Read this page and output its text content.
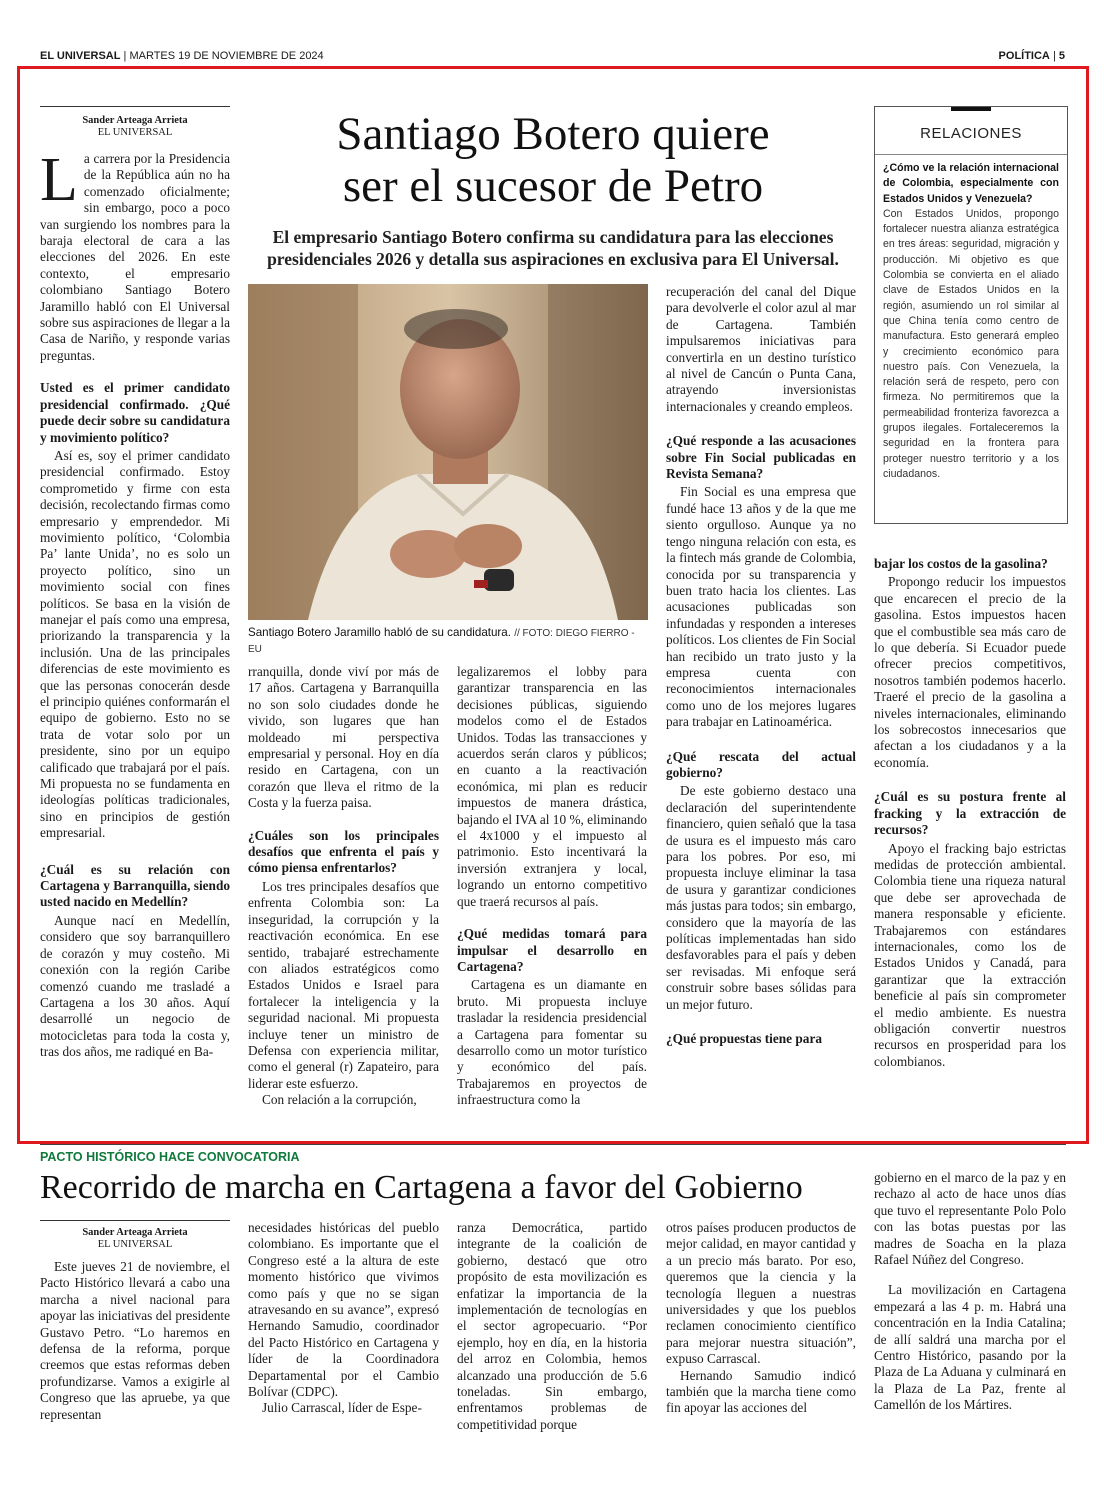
EL UNIVERSAL | MARTES 19 DE NOVIEMBRE DE 2024	POLÍTICA | 5
Sander Arteaga Arrieta
EL UNIVERSAL

La carrera por la Presidencia de la República aún no ha comenzado oficialmente; sin embargo, poco a poco van surgiendo los nombres para la baraja electoral de cara a las elecciones del 2026. En este contexto, el empresario colombiano Santiago Botero Jaramillo habló con El Universal sobre sus aspiraciones de llegar a la Casa de Nariño, y responde varias preguntas.

Usted es el primer candidato presidencial confirmado. ¿Qué puede decir sobre su candidatura y movimiento político?

Así es, soy el primer candidato presidencial confirmado. Estoy comprometido y firme con esta decisión, recolectando firmas como empresario y emprendedor. Mi movimiento político, ‘Colombia Pa’ lante Unida’, no es solo un proyecto político, sino un movimiento social con fines políticos. Se basa en la visión de manejar el país como una empresa, priorizando la transparencia y la inclusión. Una de las principales diferencias de este movimiento es que las personas conocerán desde el principio quiénes conformarán el equipo de gobierno. Esto no se trata de votar solo por un presidente, sino por un equipo calificado que trabajará por el país. Mi propuesta no se fundamenta en ideologías políticas tradicionales, sino en principios de gestión empresarial.

¿Cuál es su relación con Cartagena y Barranquilla, siendo usted nacido en Medellín?

Aunque nací en Medellín, considero que soy barranquillero de corazón y muy costeño. Mi conexión con la región Caribe comenzó cuando me trasladé a Cartagena a los 30 años. Aquí desarrollé un negocio de motocicletas para toda la costa y, tras dos años, me radiqué en Ba-

Santiago Botero quiere
ser el sucesor de Petro
El empresario Santiago Botero confirma su candidatura para las elecciones presidenciales 2026 y detalla sus aspiraciones en exclusiva para El Universal.
Santiago Botero Jaramillo habló de su candidatura. // FOTO: DIEGO FIERRO - EU

rranquilla, donde viví por más de 17 años. Cartagena y Barranquilla no son solo ciudades donde he vivido, son lugares que han moldeado mi perspectiva empresarial y personal. Hoy en día resido en Cartagena, con un corazón que lleva el ritmo de la Costa y la fuerza paisa.

¿Cuáles son los principales desafíos que enfrenta el país y cómo piensa enfrentarlos?

Los tres principales desafíos que enfrenta Colombia son: La inseguridad, la corrupción y la reactivación económica. En ese sentido, trabajaré estrechamente con aliados estratégicos como Estados Unidos e Israel para fortalecer la inteligencia y la seguridad nacional. Mi propuesta incluye tener un ministro de Defensa con experiencia militar, como el general (r) Zapateiro, para liderar este esfuerzo.

Con relación a la corrupción,

legalizaremos el lobby para garantizar transparencia en las decisiones públicas, siguiendo modelos como el de Estados Unidos. Todas las transacciones y acuerdos serán claros y públicos; en cuanto a la reactivación económica, mi plan es reducir impuestos de manera drástica, bajando el IVA al 10 %, eliminando el 4x1000 y el impuesto al patrimonio. Esto incentivará la inversión extranjera y local, logrando un entorno competitivo que traerá recursos al país.

¿Qué medidas tomará para impulsar el desarrollo en Cartagena?

Cartagena es un diamante en bruto. Mi propuesta incluye trasladar la residencia presidencial a Cartagena para fomentar su desarrollo como un motor turístico y económico del país. Trabajaremos en proyectos de infraestructura como la

recuperación del canal del Dique para devolverle el color azul al mar de Cartagena. También impulsaremos iniciativas para convertirla en un destino turístico al nivel de Cancún o Punta Cana, atrayendo inversionistas internacionales y creando empleos.

¿Qué responde a las acusaciones sobre Fin Social publicadas en Revista Semana?

Fin Social es una empresa que fundé hace 13 años y de la que me siento orgulloso. Aunque ya no tengo ninguna relación con esta, es la fintech más grande de Colombia, conocida por su transparencia y buen trato hacia los clientes. Las acusaciones publicadas son infundadas y responden a intereses políticos. Los clientes de Fin Social han recibido un trato justo y la empresa cuenta con reconocimientos internacionales como uno de los mejores lugares para trabajar en Latinoamérica.

¿Qué rescata del actual gobierno?

De este gobierno destaco una declaración del superintendente financiero, quien señaló que la tasa de usura es el impuesto más caro para los pobres. Por eso, mi propuesta incluye eliminar la tasa de usura y garantizar condiciones más justas para todos; sin embargo, considero que la mayoría de las políticas implementadas han sido desfavorables para el país y deben ser revisadas. Mi enfoque será construir sobre bases sólidas para un mejor futuro.

¿Qué propuestas tiene para

RELACIONES
¿Cómo ve la relación internacional de Colombia, especialmente con Estados Unidos y Venezuela?
Con Estados Unidos, propongo fortalecer nuestra alianza estratégica en tres áreas: seguridad, migración y producción. Mi objetivo es que Colombia se convierta en el aliado clave de Estados Unidos en la región, asumiendo un rol similar al que China tenía como centro de manufactura. Esto generará empleo y crecimiento económico para nuestro país. Con Venezuela, la relación será de respeto, pero con firmeza. No permitiremos que la permeabilidad fronteriza favorezca a grupos ilegales. Fortaleceremos la seguridad en la frontera para proteger nuestro territorio y a los ciudadanos.

bajar los costos de la gasolina?

Propongo reducir los impuestos que encarecen el precio de la gasolina. Estos impuestos hacen que el combustible sea más caro de lo que debería. Si Ecuador puede ofrecer precios competitivos, nosotros también podemos hacerlo. Traeré el precio de la gasolina a niveles internacionales, eliminando los sobrecostos innecesarios que afectan a los ciudadanos y a la economía.

¿Cuál es su postura frente al fracking y la extracción de recursos?

Apoyo el fracking bajo estrictas medidas de protección ambiental. Colombia tiene una riqueza natural que debe ser aprovechada de manera responsable y eficiente. Trabajaremos con estándares internacionales, como los de Estados Unidos y Canadá, para garantizar que la extracción beneficie al país sin comprometer el medio ambiente. Es nuestra obligación convertir nuestros recursos en prosperidad para los colombianos.

PACTO HISTÓRICO HACE CONVOCATORIA
Recorrido de marcha en Cartagena a favor del Gobierno
Sander Arteaga Arrieta
EL UNIVERSAL

Este jueves 21 de noviembre, el Pacto Histórico llevará a cabo una marcha a nivel nacional para apoyar las iniciativas del presidente Gustavo Petro. “Lo haremos en defensa de la reforma, porque creemos que estas reformas deben profundizarse. Vamos a exigirle al Congreso que las apruebe, ya que representan

necesidades históricas del pueblo colombiano. Es importante que el Congreso esté a la altura de este momento histórico que vivimos como país y que no se sigan atravesando en su avance”, expresó Hernando Samudio, coordinador del Pacto Histórico en Cartagena y líder de la Coordinadora Departamental por el Cambio Bolívar (CDPC).

Julio Carrascal, líder de Espe-

ranza Democrática, partido integrante de la coalición de gobierno, destacó que otro propósito de esta movilización es enfatizar la importancia de la implementación de tecnologías en el sector agropecuario. “Por ejemplo, hoy en día, en la historia del arroz en Colombia, hemos alcanzado una producción de 5.6 toneladas. Sin embargo, enfrentamos problemas de competitividad porque

otros países producen productos de mejor calidad, en mayor cantidad y a un precio más barato. Por eso, queremos que la ciencia y la tecnología lleguen a nuestras universidades y que los pueblos reclamen conocimiento científico para mejorar nuestra situación”, expuso Carrascal.

Hernando Samudio indicó también que la marcha tiene como fin apoyar las acciones del

gobierno en el marco de la paz y en rechazo al acto de hace unos días que tuvo el representante Polo Polo con las botas puestas por las madres de Soacha en la plaza Rafael Núñez del Congreso.

La movilización en Cartagena empezará a las 4 p. m. Habrá una concentración en la India Catalina; de allí saldrá una marcha por el Centro Histórico, pasando por la Plaza de La Aduana y culminará en la Plaza de La Paz, frente al Camellón de los Mártires.
